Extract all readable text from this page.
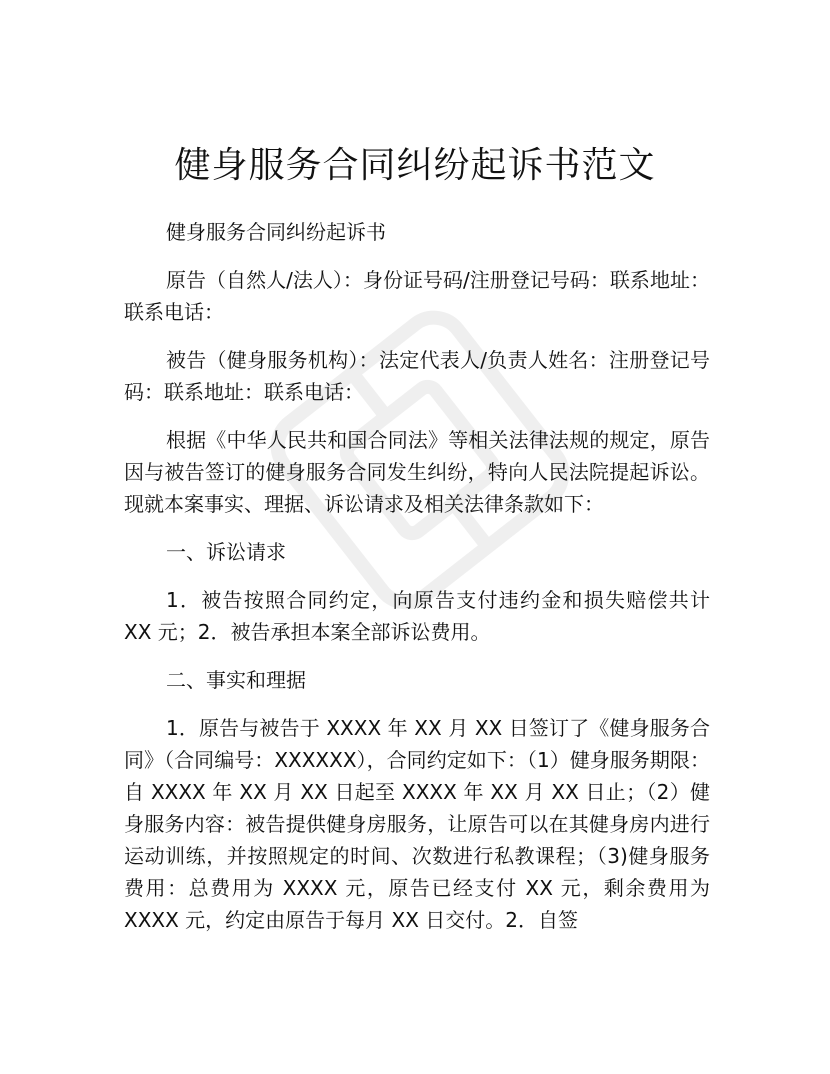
健身服务合同纠纷起诉书范文

健身服务合同纠纷起诉书

原告（自然人/法人）：身份证号码/注册登记号码：联系地址：联系电话：

被告（健身服务机构）：法定代表人/负责人姓名：注册登记号码：联系地址：联系电话：

根据《中华人民共和国合同法》等相关法律法规的规定，原告因与被告签订的健身服务合同发生纠纷，特向人民法院提起诉讼。现就本案事实、理据、诉讼请求及相关法律条款如下：

一、诉讼请求

1．被告按照合同约定，向原告支付违约金和损失赔偿共计 XX 元；2．被告承担本案全部诉讼费用。

二、事实和理据

1．原告与被告于 XXXX 年 XX 月 XX 日签订了《健身服务合同》（合同编号：XXXXXX），合同约定如下：（1）健身服务期限：自 XXXX 年 XX 月 XX 日起至 XXXX 年 XX 月 XX 日止；（2）健身服务内容：被告提供健身房服务，让原告可以在其健身房内进行运动训练，并按照规定的时间、次数进行私教课程；（3)健身服务费用：总费用为 XXXX 元，原告已经支付 XX 元，剩余费用为 XXXX 元，约定由原告于每月 XX 日交付。2．自签
